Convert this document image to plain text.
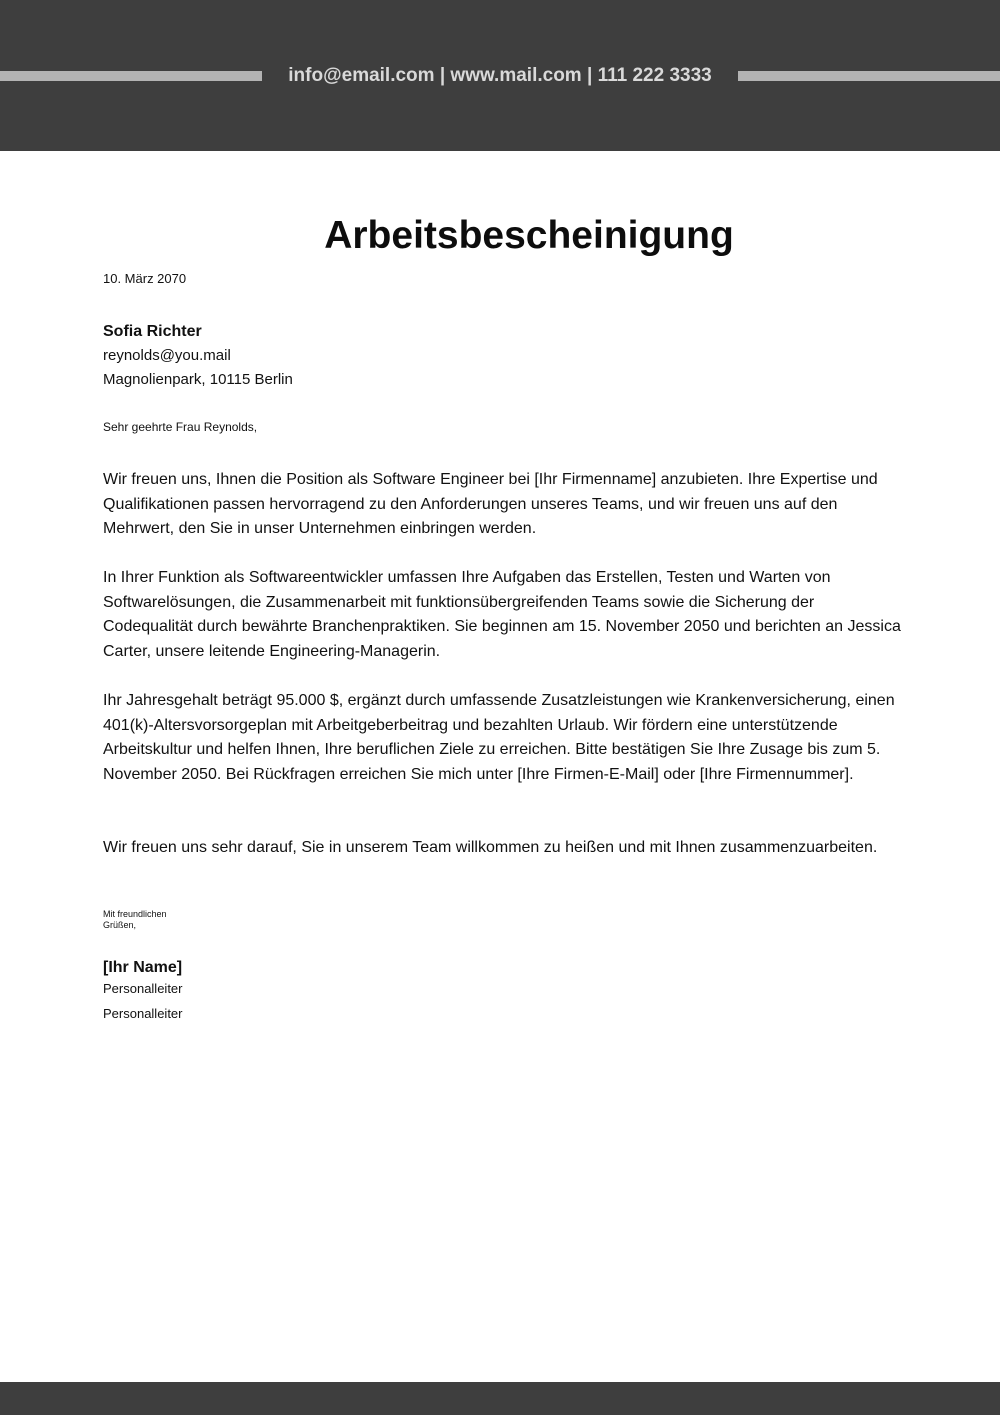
info@email.com | www.mail.com | 111 222 3333
Arbeitsbescheinigung
10. März 2070
Sofia Richter
reynolds@you.mail
Magnolienpark, 10115 Berlin
Sehr geehrte Frau Reynolds,

Wir freuen uns, Ihnen die Position als Software Engineer bei [Ihr Firmenname] anzubieten. Ihre Expertise und Qualifikationen passen hervorragend zu den Anforderungen unseres Teams, und wir freuen uns auf den Mehrwert, den Sie in unser Unternehmen einbringen werden.

In Ihrer Funktion als Softwareentwickler umfassen Ihre Aufgaben das Erstellen, Testen und Warten von Softwarelösungen, die Zusammenarbeit mit funktionsübergreifenden Teams sowie die Sicherung der Codequalität durch bewährte Branchenpraktiken. Sie beginnen am 15. November 2050 und berichten an Jessica Carter, unsere leitende Engineering-Managerin.

Ihr Jahresgehalt beträgt 95.000 $, ergänzt durch umfassende Zusatzleistungen wie Krankenversicherung, einen 401(k)-Altersvorsorgeplan mit Arbeitgeberbeitrag und bezahlten Urlaub. Wir fördern eine unterstützende Arbeitskultur und helfen Ihnen, Ihre beruflichen Ziele zu erreichen. Bitte bestätigen Sie Ihre Zusage bis zum 5. November 2050. Bei Rückfragen erreichen Sie mich unter [Ihre Firmen-E-Mail] oder [Ihre Firmennummer].

Wir freuen uns sehr darauf, Sie in unserem Team willkommen zu heißen und mit Ihnen zusammenzuarbeiten.

Mit freundlichen Grüßen,
[Ihr Name]
Personalleiter
Personalleiter
